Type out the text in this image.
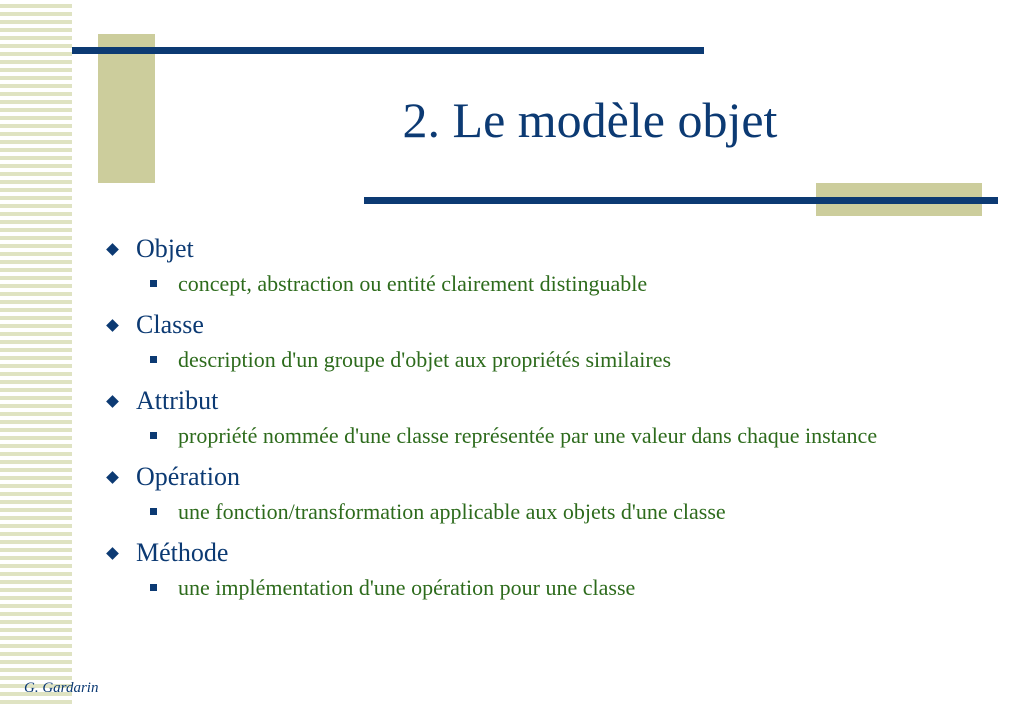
2. Le modèle objet
Objet
concept, abstraction ou entité clairement distinguable
Classe
description d'un groupe d'objet aux propriétés similaires
Attribut
propriété nommée d'une classe représentée par une valeur dans chaque instance
Opération
une fonction/transformation applicable aux objets d'une classe
Méthode
une implémentation d'une opération pour une classe
G. Gardarin
